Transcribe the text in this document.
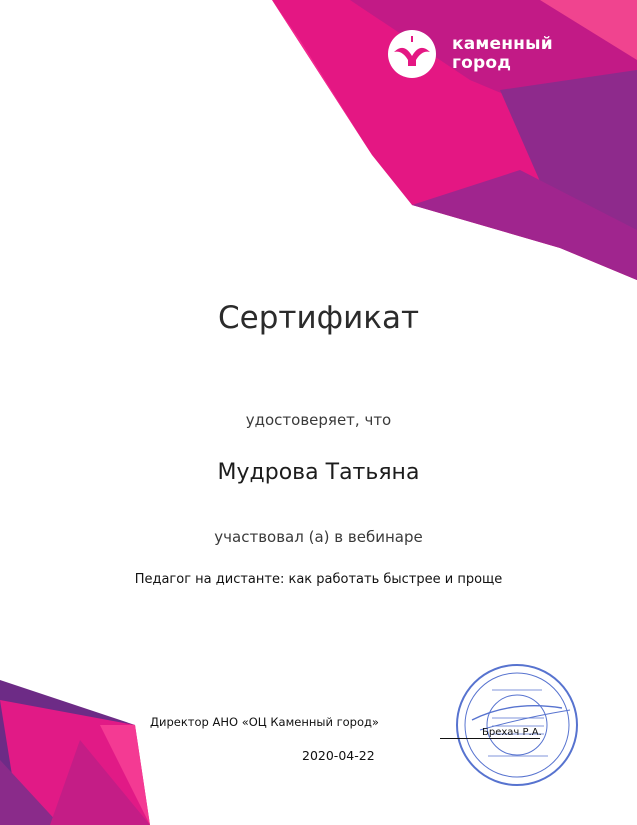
каменный
город
Сертификат
удостоверяет, что
Мудрова Татьяна
участвовал (а) в вебинаре
Педагог на дистанте: как работать быстрее и проще
Директор АНО «ОЦ Каменный город»
Брехач Р.А.
2020-04-22
